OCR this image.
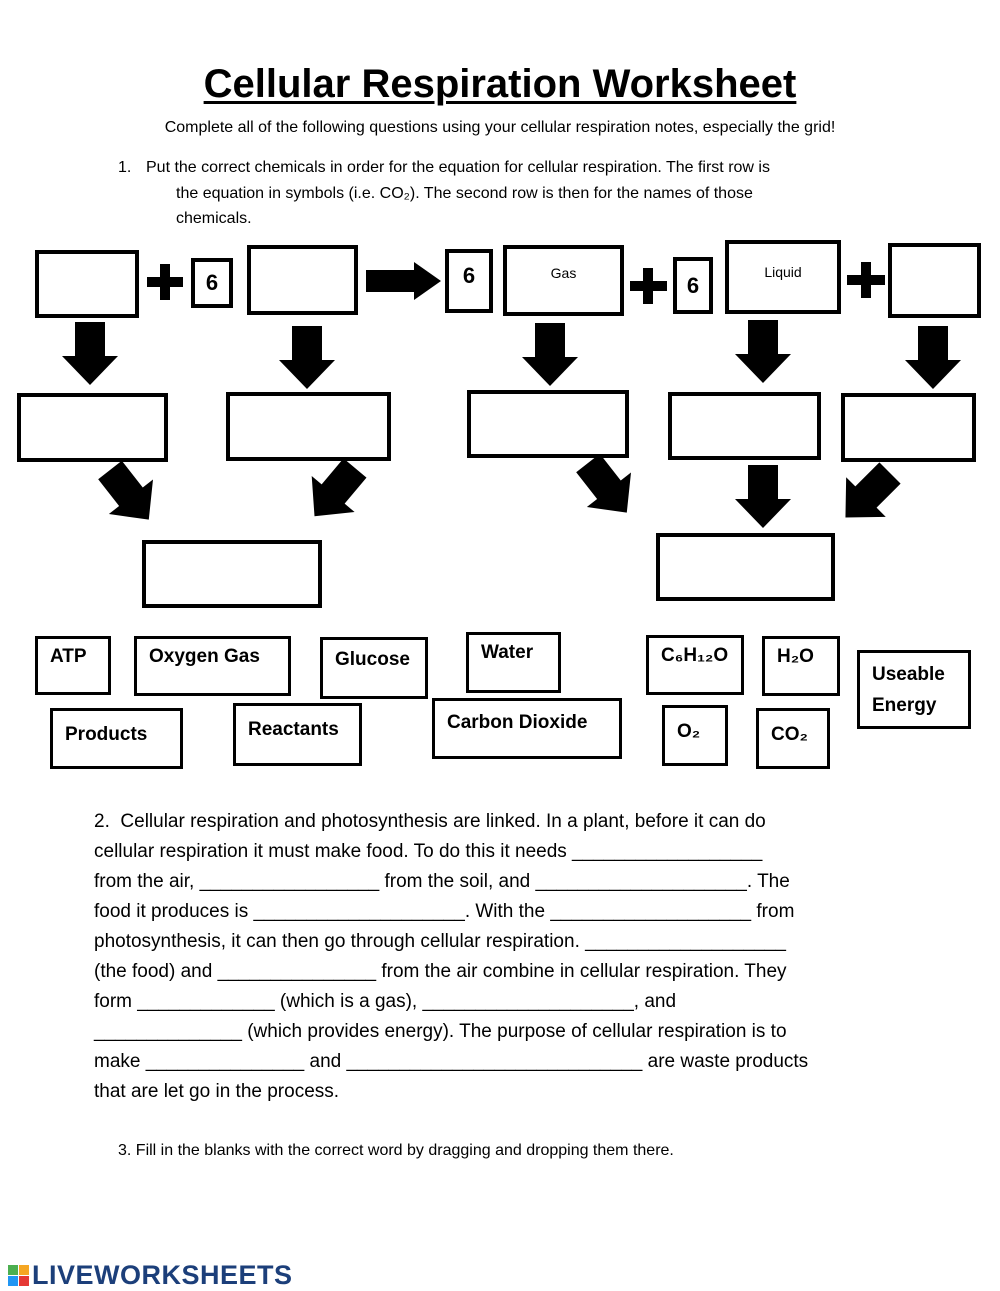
Cellular Respiration Worksheet
Complete all of the following questions using your cellular respiration notes, especially the grid!
1. Put the correct chemicals in order for the equation for cellular respiration. The first row is
the equation in symbols (i.e. CO₂). The second row is then for the names of those
chemicals.
6	6	Gas	6
Liquid
ATP	Oxygen Gas	Glucose	Water	C₆H₁₂O	H₂O
Useable Energy
Products	Reactants	Carbon Dioxide	O₂	CO₂
2.  Cellular respiration and photosynthesis are linked. In a plant, before it can do
cellular respiration it must make food. To do this it needs __________________
from the air, _________________ from the soil, and ____________________. The
food it produces is ____________________. With the ___________________ from
photosynthesis, it can then go through cellular respiration. ___________________
(the food) and _______________ from the air combine in cellular respiration. They
form _____________ (which is a gas), ____________________, and
______________ (which provides energy). The purpose of cellular respiration is to
make _______________ and ____________________________ are waste products
that are let go in the process.
3. Fill in the blanks with the correct word by dragging and dropping them there.
LIVEWORKSHEETS
